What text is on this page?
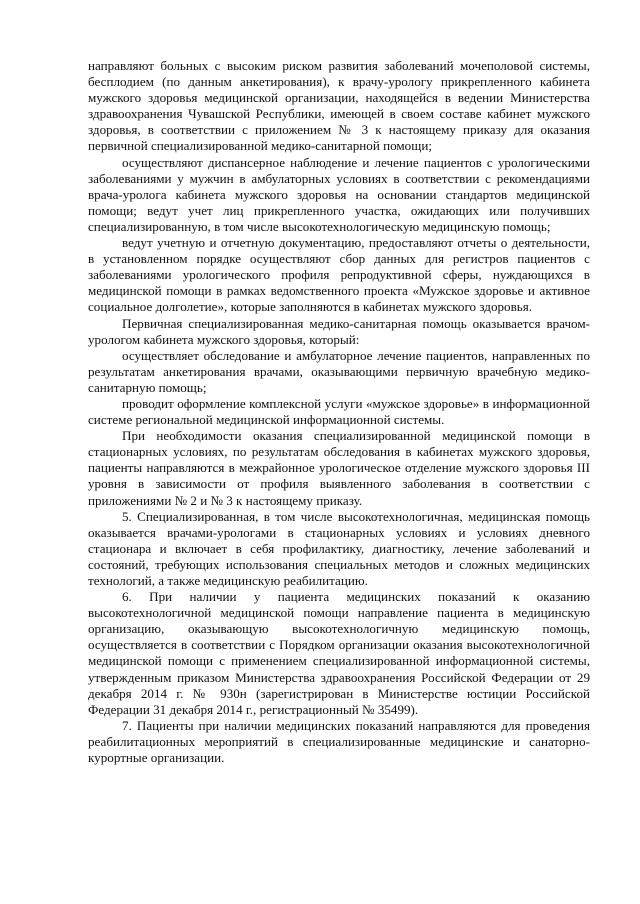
направляют больных с высоким риском развития заболеваний мочеполовой системы, бесплодием (по данным анкетирования), к врачу-урологу прикрепленного кабинета мужского здоровья медицинской организации, находящейся в ведении Министерства здравоохранения Чувашской Республики, имеющей в своем составе кабинет мужского здоровья, в соответствии с приложением № 3 к настоящему приказу для оказания первичной специализированной медико-санитарной помощи;

осуществляют диспансерное наблюдение и лечение пациентов с урологическими заболеваниями у мужчин в амбулаторных условиях в соответствии с рекомендациями врача-уролога кабинета мужского здоровья на основании стандартов медицинской помощи; ведут учет лиц прикрепленного участка, ожидающих или получивших специализированную, в том числе высокотехнологическую медицинскую помощь;

ведут учетную и отчетную документацию, предоставляют отчеты о деятельности, в установленном порядке осуществляют сбор данных для регистров пациентов с заболеваниями урологического профиля репродуктивной сферы, нуждающихся в медицинской помощи в рамках ведомственного проекта «Мужское здоровье и активное социальное долголетие», которые заполняются в кабинетах мужского здоровья.

Первичная специализированная медико-санитарная помощь оказывается врачом-урологом кабинета мужского здоровья, который:

осуществляет обследование и амбулаторное лечение пациентов, направленных по результатам анкетирования врачами, оказывающими первичную врачебную медико-санитарную помощь;

проводит оформление комплексной услуги «мужское здоровье» в информационной системе региональной медицинской информационной системы.

При необходимости оказания специализированной медицинской помощи в стационарных условиях, по результатам обследования в кабинетах мужского здоровья, пациенты направляются в межрайонное урологическое отделение мужского здоровья III уровня в зависимости от профиля выявленного заболевания в соответствии с приложениями № 2 и № 3 к настоящему приказу.

5. Специализированная, в том числе высокотехнологичная, медицинская помощь оказывается врачами-урологами в стационарных условиях и условиях дневного стационара и включает в себя профилактику, диагностику, лечение заболеваний и состояний, требующих использования специальных методов и сложных медицинских технологий, а также медицинскую реабилитацию.

6. При наличии у пациента медицинских показаний к оказанию высокотехнологичной медицинской помощи направление пациента в медицинскую организацию, оказывающую высокотехнологичную медицинскую помощь, осуществляется в соответствии с Порядком организации оказания высокотехнологичной медицинской помощи с применением специализированной информационной системы, утвержденным приказом Министерства здравоохранения Российской Федерации от 29 декабря 2014 г. № 930н (зарегистрирован в Министерстве юстиции Российской Федерации 31 декабря 2014 г., регистрационный № 35499).

7. Пациенты при наличии медицинских показаний направляются для проведения реабилитационных мероприятий в специализированные медицинские и санаторно-курортные организации.
